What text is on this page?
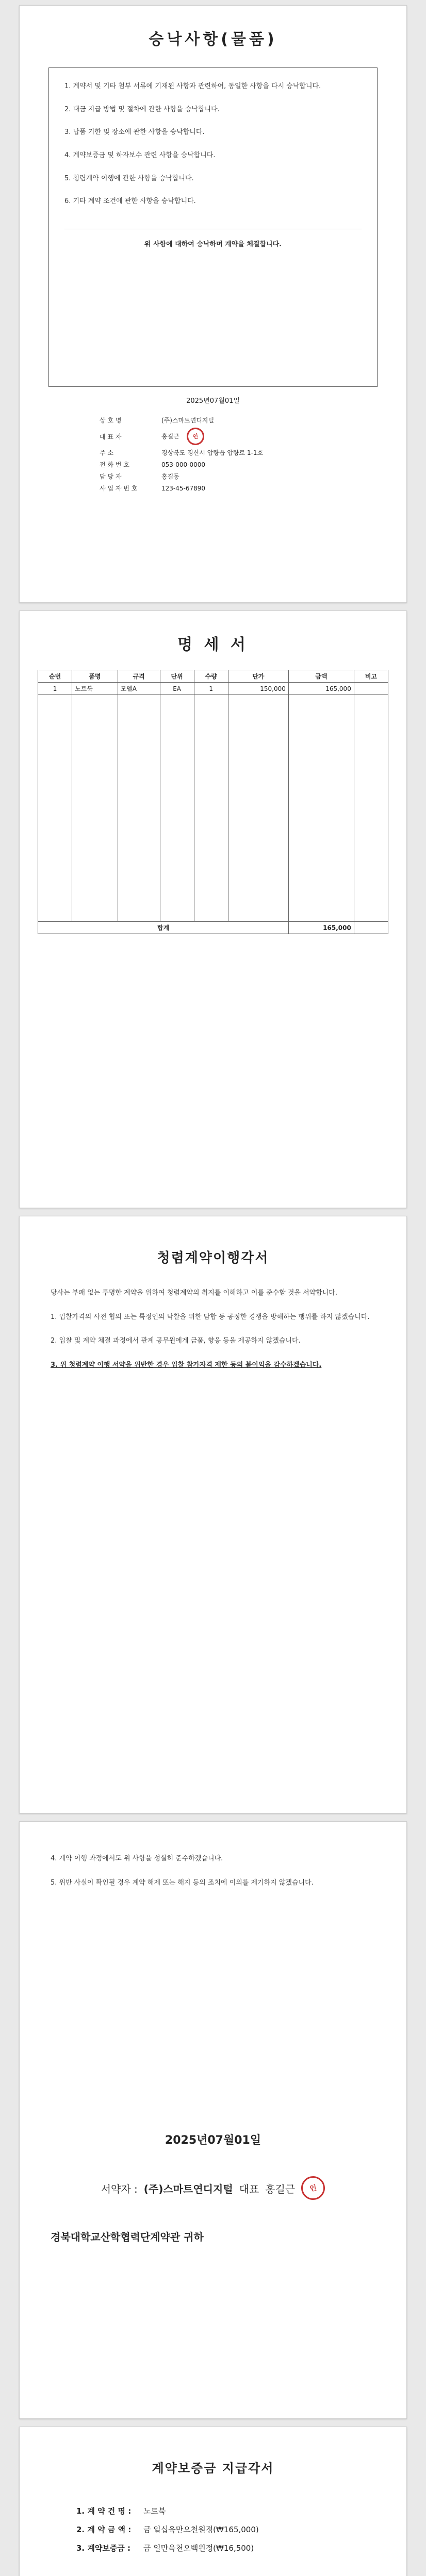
승낙사항(물품)
1. 계약서 및 기타 첨부 서류에 기재된 사항과 관련하여, 동일한 사항을 다시 승낙합니다.
2. 대금 지급 방법 및 절차에 관한 사항을 승낙합니다.
3. 납품 기한 및 장소에 관한 사항을 승낙합니다.
4. 계약보증금 및 하자보수 관련 사항을 승낙합니다.
5. 청렴계약 이행에 관한 사항을 승낙합니다.
6. 기타 계약 조건에 관한 사항을 승낙합니다.
위 사항에 대하여 승낙하며 계약을 체결합니다.
2025년07월01일
상 호 명	(주)스마트연디지털
대 표 자	홍길근 인
주 소	경상북도 경산시 압량읍 압량로 1-1호
전 화 번 호	053-000-0000
담 당 자	홍길동
사 업 자 번 호	123-45-67890
명 세 서
순번	품명	규격	단위	수량	단가	금액	비고
1	노트북	모델A	EA	1	150,000	165,000	

합계						165,000	
청렴계약이행각서
당사는 부패 없는 투명한 계약을 위하여 청렴계약의 취지를 이해하고 이를 준수할 것을 서약합니다.
1. 입찰가격의 사전 협의 또는 특정인의 낙찰을 위한 담합 등 공정한 경쟁을 방해하는 행위를 하지 않겠습니다.
2. 입찰 및 계약 체결 과정에서 관계 공무원에게 금품, 향응 등을 제공하지 않겠습니다.
3. 위 청렴계약 이행 서약을 위반한 경우 입찰 참가자격 제한 등의 불이익을 감수하겠습니다.
4. 계약 이행 과정에서도 위 사항을 성실히 준수하겠습니다.
5. 위반 사실이 확인될 경우 계약 해제 또는 해지 등의 조치에 이의를 제기하지 않겠습니다.
2025년07월01일
서약자 : (주)스마트연디지털 대표 홍길근	인
경북대학교산학협력단계약관 귀하
계약보증금 지급각서
1. 계 약 건 명 :	노트북
2. 계 약 금 액 :	금 일십육만오천원정(₩165,000)
3. 계약보증금 :	금 일만육천오백원정(₩16,500)
